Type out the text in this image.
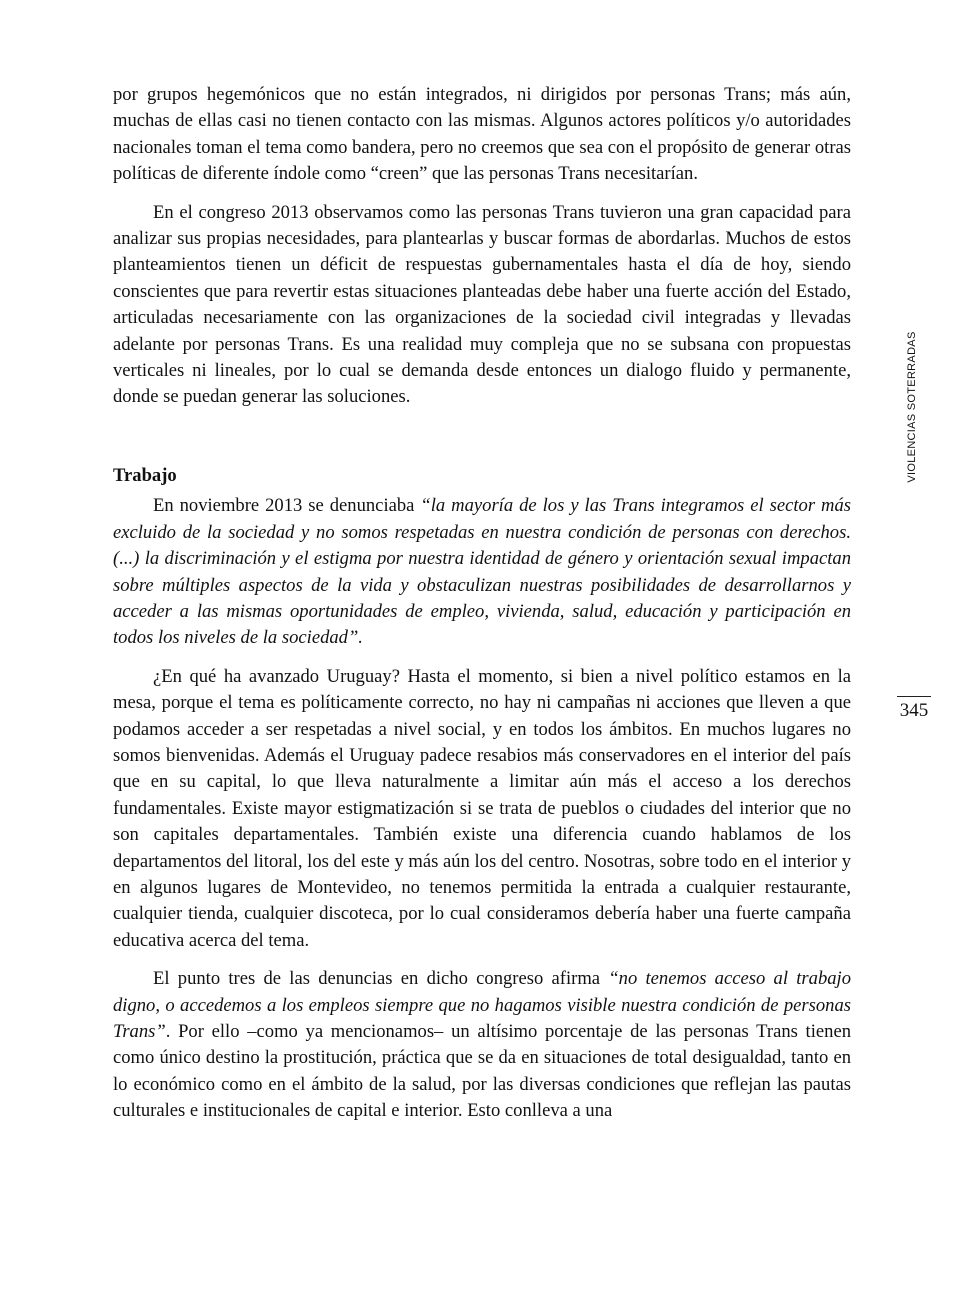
por grupos hegemónicos que no están integrados, ni dirigidos por personas Trans; más aún, muchas de ellas casi no tienen contacto con las mismas. Algunos actores políticos y/o autoridades nacionales toman el tema como bandera, pero no creemos que sea con el propósito de generar otras políticas de diferente índole como “creen” que las personas Trans necesitarían.

En el congreso 2013 observamos como las personas Trans tuvieron una gran capacidad para analizar sus propias necesidades, para plantearlas y buscar formas de abordarlas. Muchos de estos planteamientos tienen un déficit de respuestas gubernamentales hasta el día de hoy, siendo conscientes que para revertir estas situaciones planteadas debe haber una fuerte acción del Estado, articuladas necesariamente con las organizaciones de la sociedad civil integradas y llevadas adelante por personas Trans. Es una realidad muy compleja que no se subsana con propuestas verticales ni lineales, por lo cual se demanda desde entonces un dialogo fluido y permanente, donde se puedan generar las soluciones.

Trabajo

En noviembre 2013 se denunciaba “la mayoría de los y las Trans integramos el sector más excluido de la sociedad y no somos respetadas en nuestra condición de personas con derechos. (...) la discriminación y el estigma por nuestra identidad de género y orientación sexual impactan sobre múltiples aspectos de la vida y obstaculizan nuestras posibilidades de desarrollarnos y acceder a las mismas oportunidades de empleo, vivienda, salud, educación y participación en todos los niveles de la sociedad”.

¿En qué ha avanzado Uruguay? Hasta el momento, si bien a nivel político estamos en la mesa, porque el tema es políticamente correcto, no hay ni campañas ni acciones que lleven a que podamos acceder a ser respetadas a nivel social, y en todos los ámbitos. En muchos lugares no somos bienvenidas. Además el Uruguay padece resabios más conservadores en el interior del país que en su capital, lo que lleva naturalmente a limitar aún más el acceso a los derechos fundamentales. Existe mayor estigmatización si se trata de pueblos o ciudades del interior que no son capitales departamentales. También existe una diferencia cuando hablamos de los departamentos del litoral, los del este y más aún los del centro. Nosotras, sobre todo en el interior y en algunos lugares de Montevideo, no tenemos permitida la entrada a cualquier restaurante, cualquier tienda, cualquier discoteca, por lo cual consideramos debería haber una fuerte campaña educativa acerca del tema.

El punto tres de las denuncias en dicho congreso afirma “no tenemos acceso al trabajo digno, o accedemos a los empleos siempre que no hagamos visible nuestra condición de personas Trans”. Por ello –como ya mencionamos– un altísimo porcentaje de las personas Trans tienen como único destino la prostitución, práctica que se da en situaciones de total desigualdad, tanto en lo económico como en el ámbito de la salud, por las diversas condiciones que reflejan las pautas culturales e institucionales de capital e interior. Esto conlleva a una

VIOLENCIAS SOTERRADAS
345
